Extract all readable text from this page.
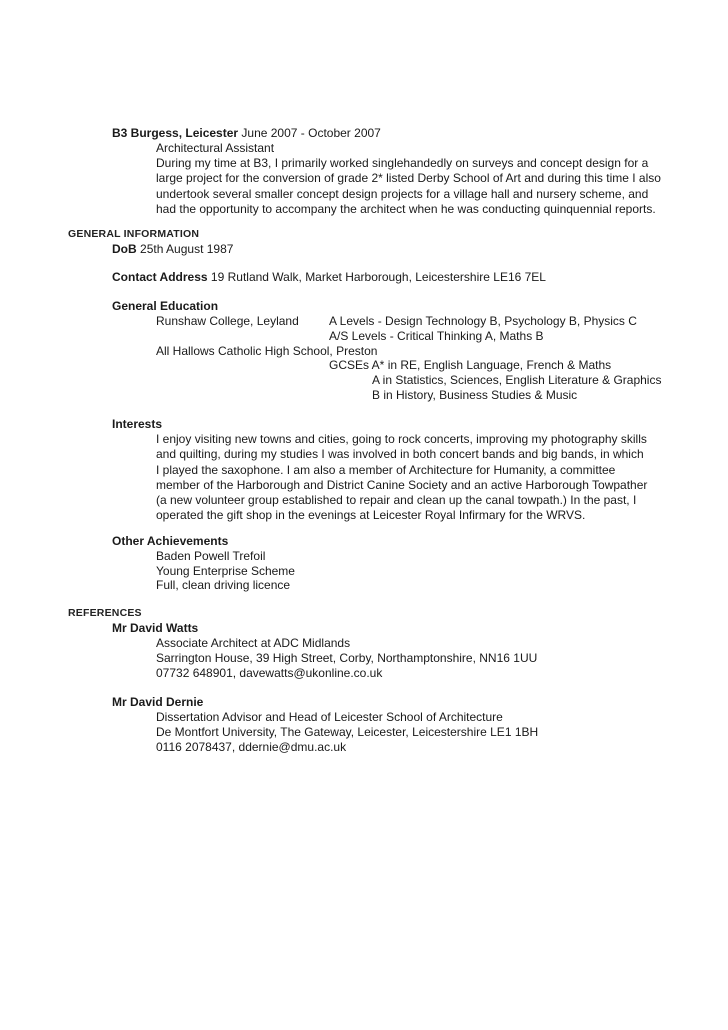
B3 Burgess, Leicester June 2007 - October 2007
Architectural Assistant
During my time at B3, I primarily worked singlehandedly on surveys and concept design for a
large project for the conversion of grade 2* listed Derby School of Art and during this time I also
undertook several smaller concept design projects for a village hall and nursery scheme, and
had the opportunity to accompany the architect when he was conducting quinquennial reports.
GENERAL INFORMATION
DoB 25th August 1987
Contact Address 19 Rutland Walk, Market Harborough, Leicestershire LE16 7EL
General Education
Runshaw College, Leyland	A Levels - Design Technology B, Psychology B, Physics C
A/S Levels - Critical Thinking A, Maths B
All Hallows Catholic High School, Preston
GCSEs A* in RE, English Language, French & Maths
A in Statistics, Sciences, English Literature & Graphics
B in History, Business Studies & Music
Interests
I enjoy visiting new towns and cities, going to rock concerts, improving my photography skills
and quilting, during my studies I was involved in both concert bands and big bands, in which
I played the saxophone. I am also a member of Architecture for Humanity, a committee
member of the Harborough and District Canine Society and an active Harborough Towpather
(a new volunteer group established to repair and clean up the canal towpath.) In the past, I
operated the gift shop in the evenings at Leicester Royal Infirmary for the WRVS.
Other Achievements
Baden Powell Trefoil
Young Enterprise Scheme
Full, clean driving licence
REFERENCES
Mr David Watts
Associate Architect at ADC Midlands
Sarrington House, 39 High Street, Corby, Northamptonshire, NN16 1UU
07732 648901, davewatts@ukonline.co.uk
Mr David Dernie
Dissertation Advisor and Head of Leicester School of Architecture
De Montfort University, The Gateway, Leicester, Leicestershire LE1 1BH
0116 2078437, ddernie@dmu.ac.uk
